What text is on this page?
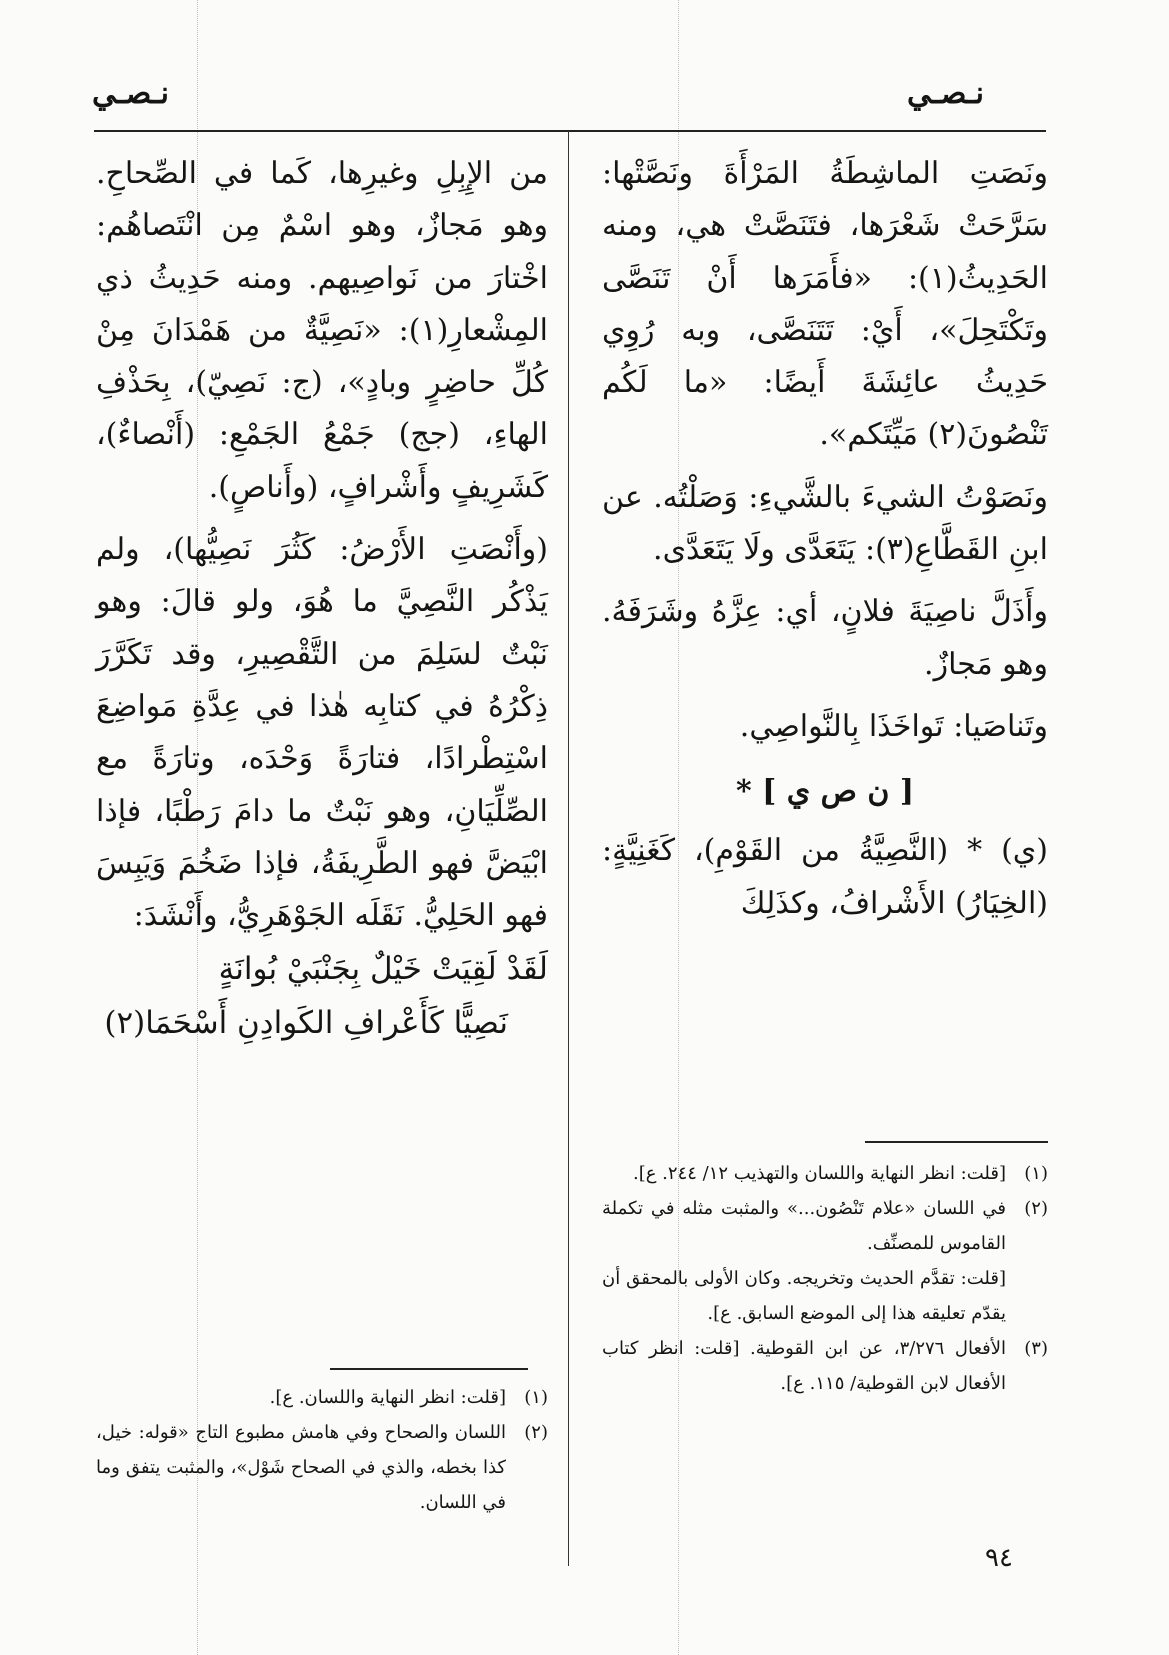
نـصـي
نـصـي

ونَصَتِ الماشِطَةُ المَرْأَةَ ونَصَّتْها: سَرَّحَتْ شَعْرَها، فتَنَصَّتْ هي، ومنه الحَدِيثُ(١): «فأَمَرَها أَنْ تَنَصَّى وتَكْتَحِلَ»، أَيْ: تَتَنَصَّى، وبه رُوِي حَدِيثُ عائِشَةَ أَيضًا: «ما لَكُم تَنْصُونَ(٢) مَيِّتَكم».

ونَصَوْتُ الشيءَ بالشَّيءِ: وَصَلْتُه. عن ابنِ القَطَّاعِ(٣): يَتَعَدَّى ولَا يَتَعَدَّى.

وأَذَلَّ ناصِيَةَ فلانٍ، أي: عِزَّهُ وشَرَفَهُ. وهو مَجازٌ.

وتَناصَيا: تَواخَذَا بِالنَّواصِي.

[ ن ص ي ] *

(ي) * (النَّصِيَّةُ من القَوْمِ)، كَغَنِيَّةٍ: (الخِيَارُ) الأَشْرافُ، وكذَلِكَ

من الإِبِلِ وغيرِها، كَما في الصِّحاحِ. وهو مَجازٌ، وهو اسْمٌ مِن انْتَصاهُم: اخْتارَ من نَواصِيهم. ومنه حَدِيثُ ذي المِشْعارِ(١): «نَصِيَّةٌ من هَمْدَانَ مِنْ كُلِّ حاضِرٍ وبادٍ»، (ج: نَصِيّ)، بِحَذْفِ الهاءِ، (جج) جَمْعُ الجَمْعِ: (أَنْصاءٌ)، كَشَرِيفٍ وأَشْرافٍ، (وأَناصٍ).

(وأَنْصَتِ الأَرْضُ: كَثُرَ نَصِيُّها)، ولم يَذْكُر النَّصِيَّ ما هُوَ، ولو قالَ: وهو نَبْتٌ لسَلِمَ من التَّقْصِيرِ، وقد تَكَرَّرَ ذِكْرُهُ في كتابِه هٰذا في عِدَّةِ مَواضِعَ اسْتِطْرادًا، فتارَةً وَحْدَه، وتارَةً مع الصِّلِّيَانِ، وهو نَبْتٌ ما دامَ رَطْبًا، فإذا ابْيَضَّ فهو الطَّرِيفَةُ، فإذا ضَخُمَ وَيَبِسَ فهو الحَلِيُّ. نَقَلَه الجَوْهَرِيُّ، وأَنْشَدَ:

لَقَدْ لَقِيَتْ خَيْلٌ بِجَنْبَيْ بُوانَةٍ

نَصِيًّا كَأَعْرافِ الكَوادِنِ أَسْحَمَا(٢)

(١)
[قلت: انظر النهاية واللسان والتهذيب ١٢/ ٢٤٤. ع].
(٢)
في اللسان «علام تَنْصُون...» والمثبت مثله في تكملة القاموس للمصنِّف.

[قلت: تقدَّم الحديث وتخريجه. وكان الأولى بالمحقق أن يقدّم تعليقه هذا إلى الموضع السابق. ع].

(٣)
الأفعال ٣/٢٧٦، عن ابن القوطية. [قلت: انظر كتاب الأفعال لابن القوطية/ ١١٥. ع].
(١)
[قلت: انظر النهاية واللسان. ع].
(٢)
اللسان والصحاح وفي هامش مطبوع التاج «قوله: خيل، كذا بخطه، والذي في الصحاح شَوْل»، والمثبت يتفق وما في اللسان.
٩٤
